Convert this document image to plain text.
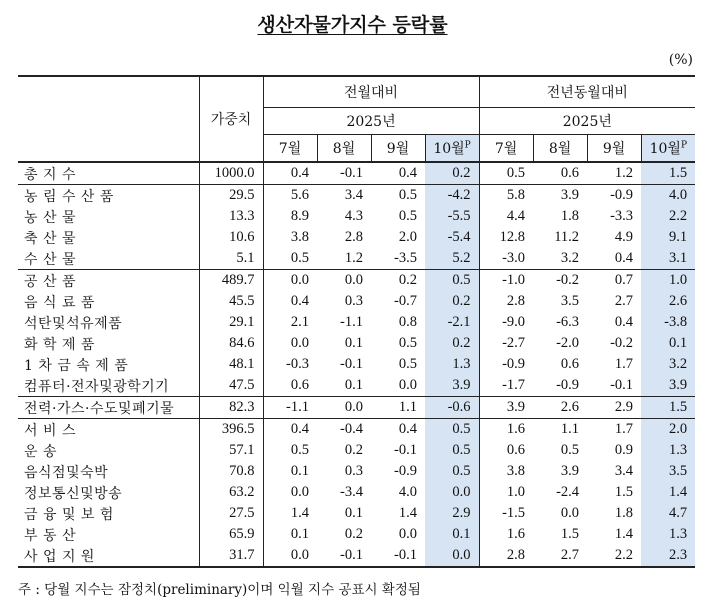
생산자물가지수 등락률
(%)
	가중치	전월대비				전년동월대비			
		2025년				2025년			
		7월	8월	9월	10월$^P$	7월	8월	9월	10월$^P$
총 지 수	1000.0	0.4	-0.1	0.4	0.2	0.5	0.6	1.2	1.5
농 림 수 산 품	29.5	5.6	3.4	0.5	-4.2	5.8	3.9	-0.9	4.0
농 산 물	13.3	8.9	4.3	0.5	-5.5	4.4	1.8	-3.3	2.2
축 산 물	10.6	3.8	2.8	2.0	-5.4	12.8	11.2	4.9	9.1
수 산 물	5.1	0.5	1.2	-3.5	5.2	-3.0	3.2	0.4	3.1
공 산 품	489.7	0.0	0.0	0.2	0.5	-1.0	-0.2	0.7	1.0
음 식 료 품	45.5	0.4	0.3	-0.7	0.2	2.8	3.5	2.7	2.6
석탄및석유제품	29.1	2.1	-1.1	0.8	-2.1	-9.0	-6.3	0.4	-3.8
화 학 제 품	84.6	0.0	0.1	0.5	0.2	-2.7	-2.0	-0.2	0.1
1 차 금 속 제 품	48.1	-0.3	-0.1	0.5	1.3	-0.9	0.6	1.7	3.2
컴퓨터·전자및광학기기	47.5	0.6	0.1	0.0	3.9	-1.7	-0.9	-0.1	3.9
전력·가스·수도및폐기물	82.3	-1.1	0.0	1.1	-0.6	3.9	2.6	2.9	1.5
서 비 스	396.5	0.4	-0.4	0.4	0.5	1.6	1.1	1.7	2.0
운 송	57.1	0.5	0.2	-0.1	0.5	0.6	0.5	0.9	1.3
음식점및숙박	70.8	0.1	0.3	-0.9	0.5	3.8	3.9	3.4	3.5
정보통신및방송	63.2	0.0	-3.4	4.0	0.0	1.0	-2.4	1.5	1.4
금 융 및 보 험	27.5	1.4	0.1	1.4	2.9	-1.5	0.0	1.8	4.7
부 동 산	65.9	0.1	0.2	0.0	0.1	1.6	1.5	1.4	1.3
사 업 지 원	31.7	0.0	-0.1	-0.1	0.0	2.8	2.7	2.2	2.3
주 : 당월 지수는 잠정치(preliminary)이며 익월 지수 공표시 확정됨
